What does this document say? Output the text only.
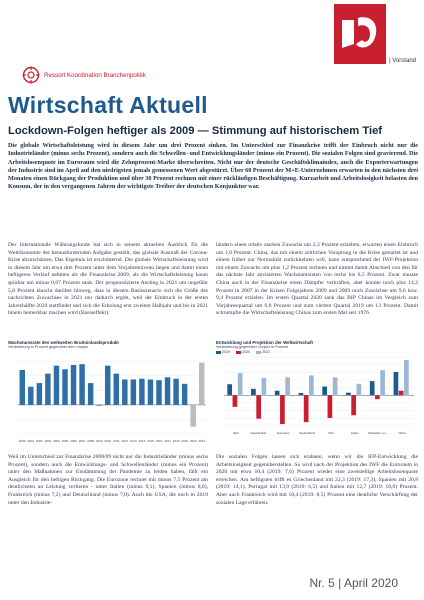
| Vorstand
Ressort Koordination Branchenpolitik
Wirtschaft Aktuell
Lockdown-Folgen heftiger als 2009 — Stimmung auf historischem Tief
Die globale Wirtschaftsleistung wird in diesem Jahr um drei Prozent sinken. Im Unterschied zur Finanzkrise trifft der Einbruch nicht nur die Industrieländer (minus sechs Prozent), sondern auch die Schwellen- und Entwicklungsländer (minus ein Prozent). Die sozialen Folgen sind gravierend. Die Arbeitslosenquote im Euroraum wird die Zehnprozent-Marke überschreiten. Nicht nur der deutsche Geschäftsklimaindex, auch die Exporterwartungen der Industrie sind im April auf den niedrigsten jemals gemessenen Wert abgestürzt. Über 60 Prozent der M+E-Unternehmen erwarten in den nächsten drei Monaten einen Rückgang der Produktion und über 30 Prozent rechnen mit einer rückläufigen Beschäftigung. Kurzarbeit und Arbeitslosigkeit belasten den Konsum, der in den vergangenen Jahren der wichtigste Treiber der deutschen Konjunktur war.
Der Internationale Währungsfonds hat sich in seinem aktuellen Ausblick für die Weltökonomie der herausfordernden Aufgabe gestellt, das globale Ausmaß der Corona-Krise abzuschätzen. Das Ergebnis ist erschütternd. Die globale Wirtschaftsleistung wird in diesem Jahr um etwa drei Prozent unter dem Vorjahresniveau liegen und damit einen heftigeren Verlauf nehmen als die Finanzkrise 2009, als die Wirtschaftsleistung kaum spürbar um minus 0,07 Prozent sank. Der prognostizierte Anstieg in 2021 um ungefähr 5,8 Prozent täuscht darüber hinweg, dass in diesem Basisszenario sich die Größe des nachrichten Zuwachses in 2021 nur dadurch ergibt, weil der Einbruch in der ersten Jahreshälfte 2020 stattfindet und sich die Erholung erst zweiten Halbjahr und bis in 2021 hinein bemerkbar machen wird (Basiseffekt).
ländern einen relativ starken Zuwachs um 2,3 Prozent erzielten, erwarten einen Einbruch um 1,0 Prozent. China, das mit einem zeitlichen Vorsprung in die Krise gestartet ist und einem früher zur Normalität zurückkehren will, kann entsprechend der IWF-Projektion mit einem Zuwachs um plus 1,2 Prozent rechnen und nimmt damit Abschied von den für das nächste Jahr anvisierten Wachstumsraten von rechs bis 6,5 Prozent. Zwar musste China auch in der Finanzkrise einen Dämpfer verkraften, aber konnte noch plus 14,2 Prozent in 2007 in der Krisen Folgejahren 2009 und 2009 noch Zuwächse um 9,6 bzw. 9,4 Prozent erzielen. Im ersten Quartal 2020 sank das BIP Chinas im Vergleich zum Vorjahresquartal um 6,8 Prozent und zum vierten Quartal 2019 um 13 Prozent. Damit schrumpfte die Wirtschaftsleistung Chinas zum ersten Mal seit 1976.
Wachstumsrate des weltweiten Bruttoinlandsprodukt
Veränderung in Prozent gegenüber dem Vorjahr
2000 2001 2002 2003 2004 2005 2006 2007 2008 2009 2010 2011 2012 2013 2014 2015 2016 2017 2018 2019 2020 2021
Entwicklung und Projektion der Weltwirtschaft
Veränderung gegenüber Vorjahr in Prozent
2019	2020	2021
Welt	Industrieländ…	Euroraum	Deutschland	USA	Japan	Schwellen- un…	China
Weil im Unterschied zur Finanzkrise 2008/09 nicht nur die Industrieländer (minus sechs Prozent), sondern auch die Entwicklungs- und Schwellenländer (minus ein Prozent) unter den Maßnahmen zur Eindämmung der Pandemie zu leiden haben, fällt ein Ausgleich für den heftigen Rückgang. Die Eurozone rechnet mit minus 7,5 Prozent am deutlichsten an Leistung verlieren - unter Italien (minus 9,1), Spanien (minus 8,0), Frankreich (minus 7,2) und Deutschland (minus 7,0). Auch die USA, die noch in 2019 unter den Industrie-
Die sozialen Folgen lassen sich erahnen, wenn wir die IFP-Entwicklung die Arbeitslosigkeit gegenüberstellen. So wird nach der Projektion des IWF die Euroraum in 2020 mit etwa 10,4 (2019: 7,6) Prozent wieder eine zweistellige Arbeitslosenquote erreichen. Am heftigsten trifft es Griechenland mit 22,3 (2019: 17,3), Spanien mit 20,8 (2019: 14,1), Portugal mit 13,9 (2019: 6,5) und Italien mit 12,7 (2019: 10,0) Prozent. Aber auch Frankreich wird mit 10,4 (2019: 8,5) Prozent eine deutliche Verschärfung der sozialen Lage erfahren.
Nr. 5 | April 2020
